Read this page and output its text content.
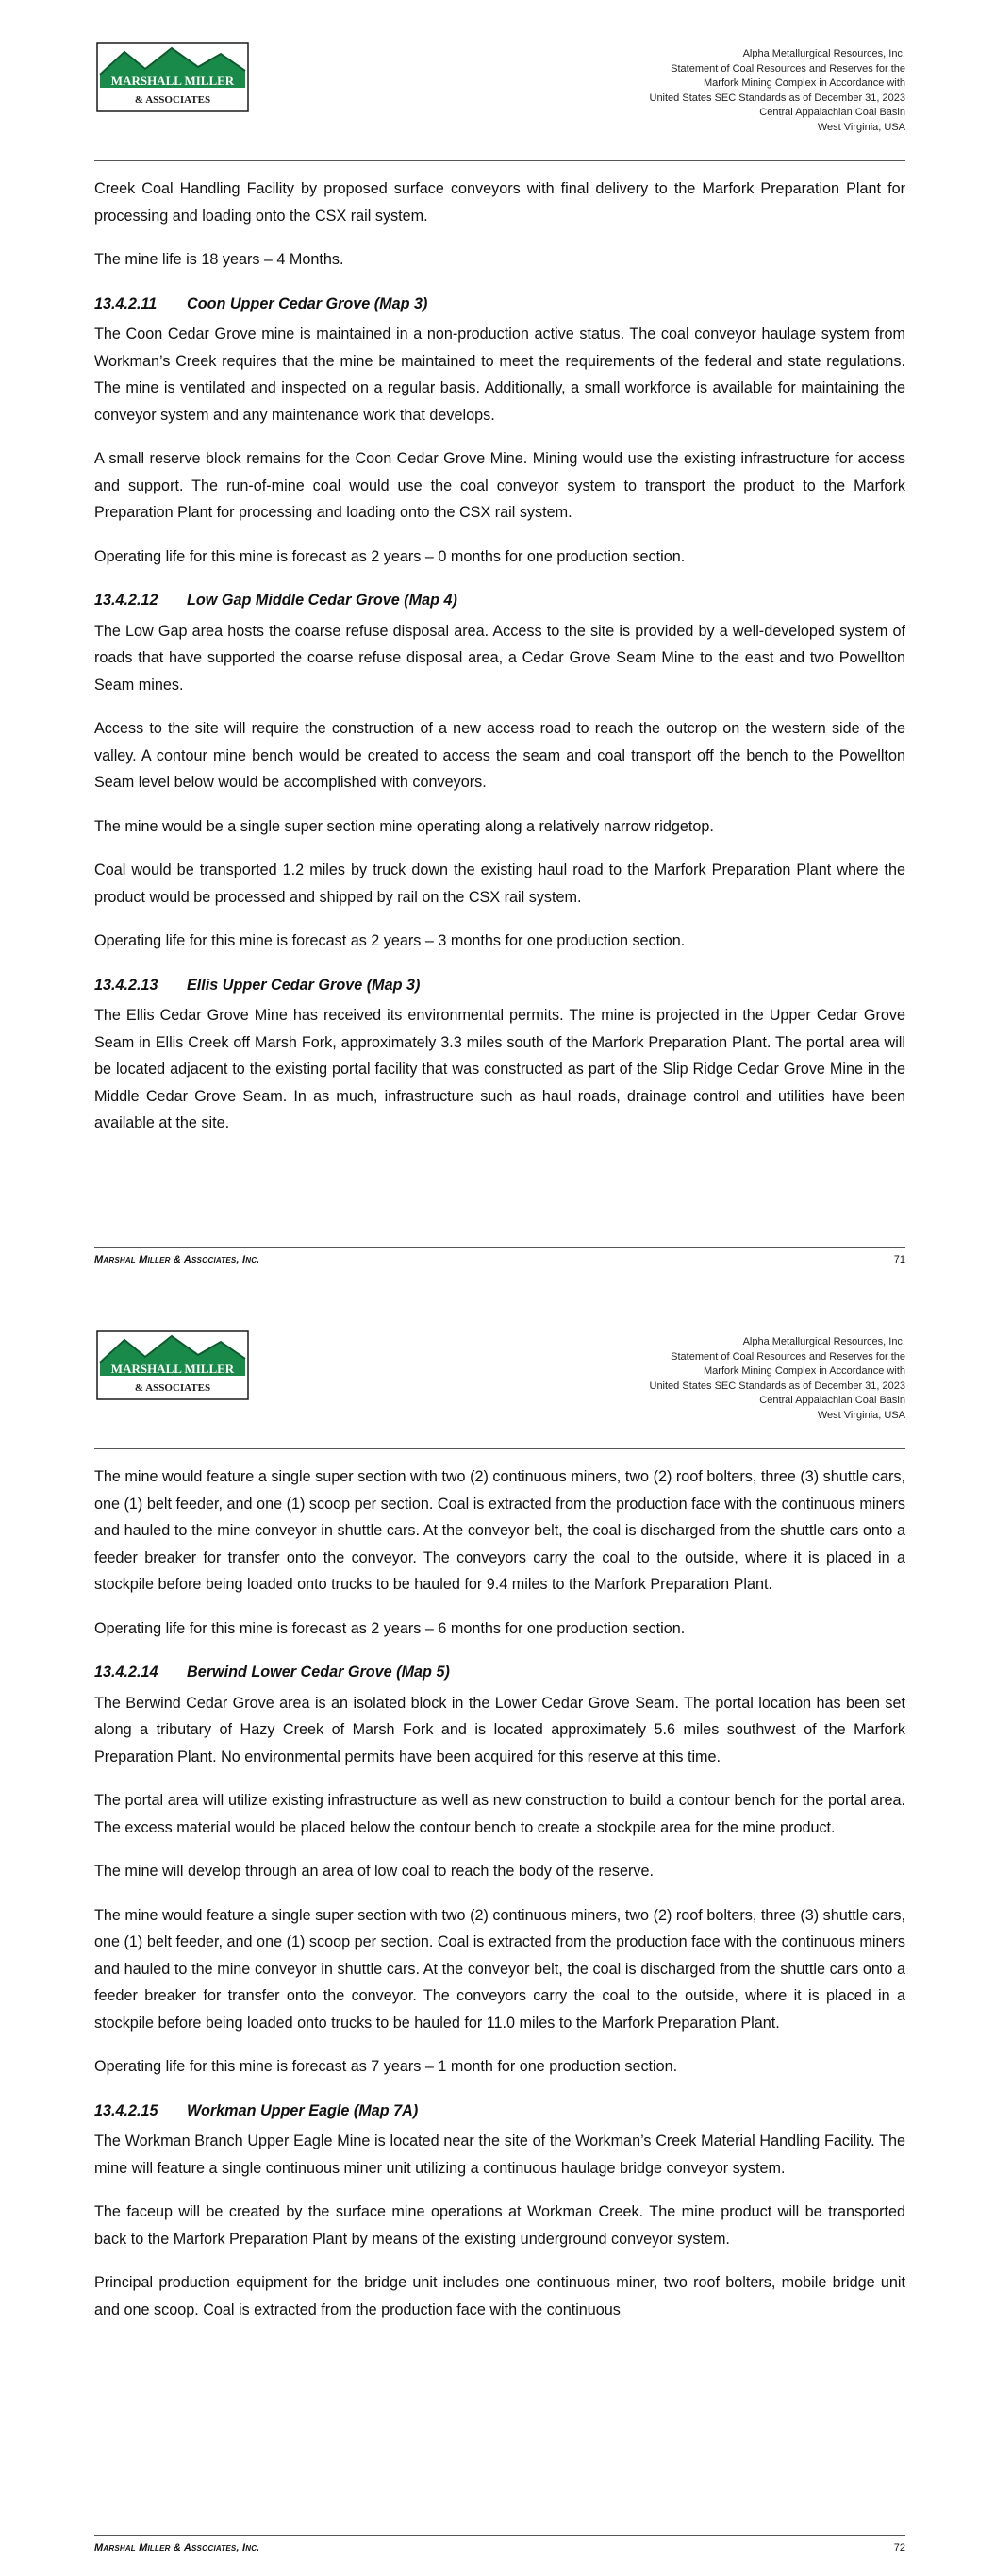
MARSHALL MILLER
& ASSOCIATES
Alpha Metallurgical Resources, Inc.
Statement of Coal Resources and Reserves for the
Marfork Mining Complex in Accordance with
United States SEC Standards as of December 31, 2023
Central Appalachian Coal Basin
West Virginia, USA

Creek Coal Handling Facility by proposed surface conveyors with final delivery to the Marfork Preparation Plant for processing and loading onto the CSX rail system.

The mine life is 18 years – 4 Months.

13.4.2.11 Coon Upper Cedar Grove (Map 3)

The Coon Cedar Grove mine is maintained in a non-production active status. The coal conveyor haulage system from Workman’s Creek requires that the mine be maintained to meet the requirements of the federal and state regulations. The mine is ventilated and inspected on a regular basis. Additionally, a small workforce is available for maintaining the conveyor system and any maintenance work that develops.

A small reserve block remains for the Coon Cedar Grove Mine. Mining would use the existing infrastructure for access and support. The run-of-mine coal would use the coal conveyor system to transport the product to the Marfork Preparation Plant for processing and loading onto the CSX rail system.

Operating life for this mine is forecast as 2 years – 0 months for one production section.

13.4.2.12 Low Gap Middle Cedar Grove (Map 4)

The Low Gap area hosts the coarse refuse disposal area. Access to the site is provided by a well-developed system of roads that have supported the coarse refuse disposal area, a Cedar Grove Seam Mine to the east and two Powellton Seam mines.

Access to the site will require the construction of a new access road to reach the outcrop on the western side of the valley. A contour mine bench would be created to access the seam and coal transport off the bench to the Powellton Seam level below would be accomplished with conveyors.

The mine would be a single super section mine operating along a relatively narrow ridgetop.

Coal would be transported 1.2 miles by truck down the existing haul road to the Marfork Preparation Plant where the product would be processed and shipped by rail on the CSX rail system.

Operating life for this mine is forecast as 2 years – 3 months for one production section.

13.4.2.13 Ellis Upper Cedar Grove (Map 3)

The Ellis Cedar Grove Mine has received its environmental permits. The mine is projected in the Upper Cedar Grove Seam in Ellis Creek off Marsh Fork, approximately 3.3 miles south of the Marfork Preparation Plant. The portal area will be located adjacent to the existing portal facility that was constructed as part of the Slip Ridge Cedar Grove Mine in the Middle Cedar Grove Seam. In as much, infrastructure such as haul roads, drainage control and utilities have been available at the site.

Marshal Miller & Associates, Inc.	71
MARSHALL MILLER
& ASSOCIATES
Alpha Metallurgical Resources, Inc.
Statement of Coal Resources and Reserves for the
Marfork Mining Complex in Accordance with
United States SEC Standards as of December 31, 2023
Central Appalachian Coal Basin
West Virginia, USA

The mine would feature a single super section with two (2) continuous miners, two (2) roof bolters, three (3) shuttle cars, one (1) belt feeder, and one (1) scoop per section. Coal is extracted from the production face with the continuous miners and hauled to the mine conveyor in shuttle cars. At the conveyor belt, the coal is discharged from the shuttle cars onto a feeder breaker for transfer onto the conveyor. The conveyors carry the coal to the outside, where it is placed in a stockpile before being loaded onto trucks to be hauled for 9.4 miles to the Marfork Preparation Plant.

Operating life for this mine is forecast as 2 years – 6 months for one production section.

13.4.2.14 Berwind Lower Cedar Grove (Map 5)

The Berwind Cedar Grove area is an isolated block in the Lower Cedar Grove Seam. The portal location has been set along a tributary of Hazy Creek of Marsh Fork and is located approximately 5.6 miles southwest of the Marfork Preparation Plant. No environmental permits have been acquired for this reserve at this time.

The portal area will utilize existing infrastructure as well as new construction to build a contour bench for the portal area. The excess material would be placed below the contour bench to create a stockpile area for the mine product.

The mine will develop through an area of low coal to reach the body of the reserve.

The mine would feature a single super section with two (2) continuous miners, two (2) roof bolters, three (3) shuttle cars, one (1) belt feeder, and one (1) scoop per section. Coal is extracted from the production face with the continuous miners and hauled to the mine conveyor in shuttle cars. At the conveyor belt, the coal is discharged from the shuttle cars onto a feeder breaker for transfer onto the conveyor. The conveyors carry the coal to the outside, where it is placed in a stockpile before being loaded onto trucks to be hauled for 11.0 miles to the Marfork Preparation Plant.

Operating life for this mine is forecast as 7 years – 1 month for one production section.

13.4.2.15 Workman Upper Eagle (Map 7A)

The Workman Branch Upper Eagle Mine is located near the site of the Workman’s Creek Material Handling Facility. The mine will feature a single continuous miner unit utilizing a continuous haulage bridge conveyor system.

The faceup will be created by the surface mine operations at Workman Creek. The mine product will be transported back to the Marfork Preparation Plant by means of the existing underground conveyor system.

Principal production equipment for the bridge unit includes one continuous miner, two roof bolters, mobile bridge unit and one scoop. Coal is extracted from the production face with the continuous

Marshal Miller & Associates, Inc.	72
